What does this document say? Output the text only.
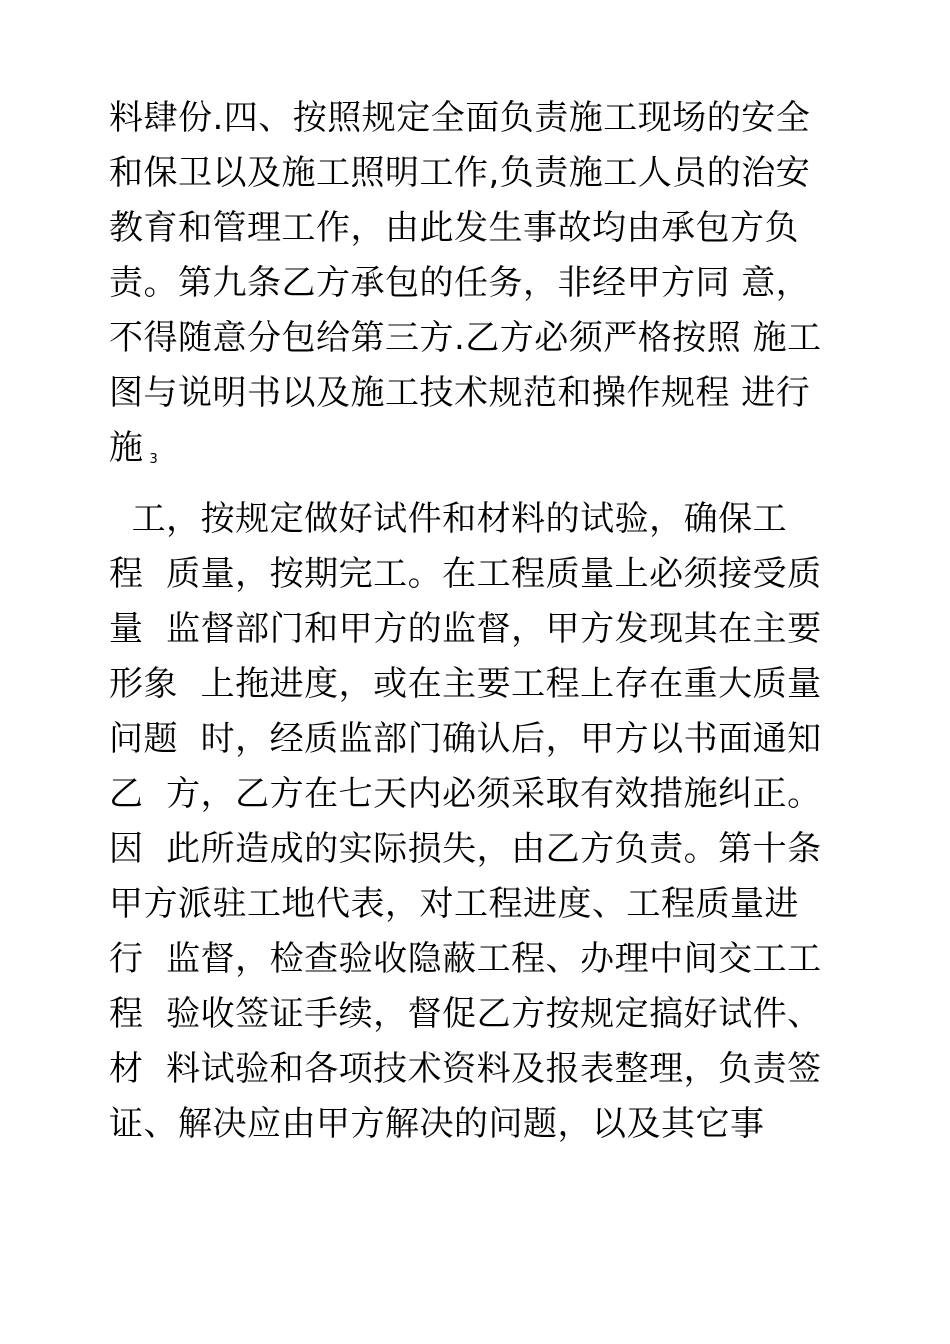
料肆份.四、按照规定全面负责施工现场的安全
和保卫以及施工照明工作,负责施工人员的治安
教育和管理工作，由此发生事故均由承包方负
责。第九条乙方承包的任务，非经甲方同 意，
不得随意分包给第三方.乙方必须严格按照 施工
图与说明书以及施工技术规范和操作规程 进行
施 3
工，按规定做好试件和材料的试验，确保工
程  质量，按期完工。在工程质量上必须接受质
量  监督部门和甲方的监督，甲方发现其在主要
形象  上拖进度，或在主要工程上存在重大质量
问题  时，经质监部门确认后，甲方以书面通知
乙  方，乙方在七天内必须采取有效措施纠正。
因  此所造成的实际损失，由乙方负责。第十条
甲方派驻工地代表，对工程进度、工程质量进
行  监督，检查验收隐蔽工程、办理中间交工工
程  验收签证手续，督促乙方按规定搞好试件、
材  料试验和各项技术资料及报表整理，负责签
证、解决应由甲方解决的问题，以及其它事
